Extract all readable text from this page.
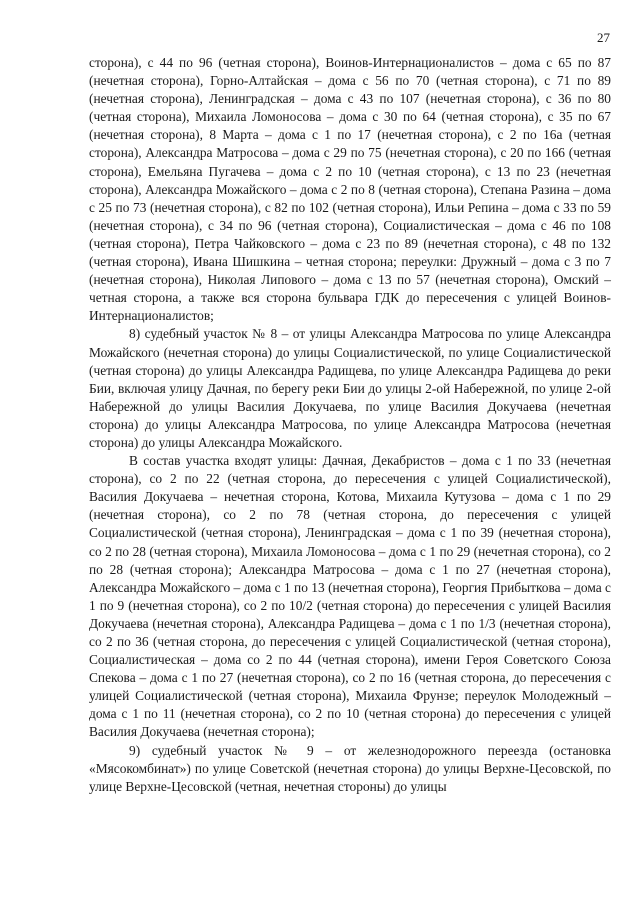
27

сторона), с 44 по 96 (четная сторона), Воинов-Интернационалистов – дома с 65 по 87 (нечетная сторона), Горно-Алтайская – дома с 56 по 70 (четная сторона), с 71 по 89 (нечетная сторона), Ленинградская – дома с 43 по 107 (нечетная сторона), с 36 по 80 (четная сторона), Михаила Ломоносова – дома с 30 по 64 (четная сторона), с 35 по 67 (нечетная сторона), 8 Марта – дома с 1 по 17 (нечетная сторона), с 2 по 16а (четная сторона), Александра Матросова – дома с 29 по 75 (нечетная сторона), с 20 по 166 (четная сторона), Емельяна Пугачева – дома с 2 по 10 (четная сторона), с 13 по 23 (нечетная сторона), Александра Можайского – дома с 2 по 8 (четная сторона), Степана Разина – дома с 25 по 73 (нечетная сторона), с 82 по 102 (четная сторона), Ильи Репина – дома с 33 по 59 (нечетная сторона), с 34 по 96 (четная сторона), Социалистическая – дома с 46 по 108 (четная сторона), Петра Чайковского – дома с 23 по 89 (нечетная сторона), с 48 по 132 (четная сторона), Ивана Шишкина – четная сторона; переулки: Дружный – дома с 3 по 7 (нечетная сторона), Николая Липового – дома с 13 по 57 (нечетная сторона), Омский – четная сторона, а также вся сторона бульвара ГДК до пересечения с улицей Воинов-Интернационалистов;

8) судебный участок № 8 – от улицы Александра Матросова по улице Александра Можайского (нечетная сторона) до улицы Социалистической, по улице Социалистической (четная сторона) до улицы Александра Радищева, по улице Александра Радищева до реки Бии, включая улицу Дачная, по берегу реки Бии до улицы 2-ой Набережной, по улице 2-ой Набережной до улицы Василия Докучаева, по улице Василия Докучаева (нечетная сторона) до улицы Александра Матросова, по улице Александра Матросова (нечетная сторона) до улицы Александра Можайского.

В состав участка входят улицы: Дачная, Декабристов – дома с 1 по 33 (нечетная сторона), со 2 по 22 (четная сторона, до пересечения с улицей Социалистической), Василия Докучаева – нечетная сторона, Котова, Михаила Кутузова – дома с 1 по 29 (нечетная сторона), со 2 по 78 (четная сторона, до пересечения с улицей Социалистической (четная сторона), Ленинградская – дома с 1 по 39 (нечетная сторона), со 2 по 28 (четная сторона), Михаила Ломоносова – дома с 1 по 29 (нечетная сторона), со 2 по 28 (четная сторона); Александра Матросова – дома с 1 по 27 (нечетная сторона), Александра Можайского – дома с 1 по 13 (нечетная сторона), Георгия Прибыткова – дома с 1 по 9 (нечетная сторона), со 2 по 10/2 (четная сторона) до пересечения с улицей Василия Докучаева (нечетная сторона), Александра Радищева – дома с 1 по 1/3 (нечетная сторона), со 2 по 36 (четная сторона, до пересечения с улицей Социалистической (четная сторона), Социалистическая – дома со 2 по 44 (четная сторона), имени Героя Советского Союза Спекова – дома с 1 по 27 (нечетная сторона), со 2 по 16 (четная сторона, до пересечения с улицей Социалистической (четная сторона), Михаила Фрунзе; переулок Молодежный – дома с 1 по 11 (нечетная сторона), со 2 по 10 (четная сторона) до пересечения с улицей Василия Докучаева (нечетная сторона);

9) судебный участок № 9 – от железнодорожного переезда (остановка «Мясокомбинат») по улице Советской (нечетная сторона) до улицы Верхне-Цесовской, по улице Верхне-Цесовской (четная, нечетная стороны) до улицы
